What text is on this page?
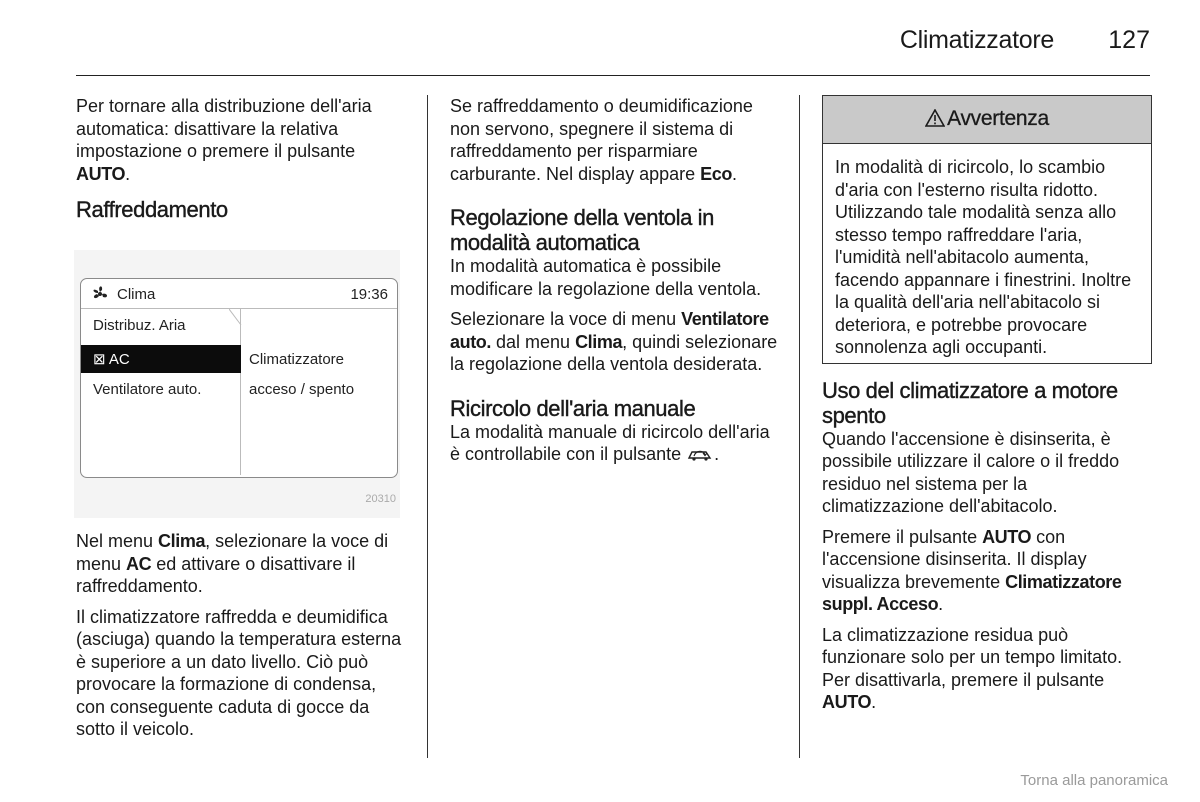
Climatizzatore 127

Per tornare alla distribuzione dell'aria automatica: disattivare la relativa impostazione o premere il pulsante AUTO.

Raffreddamento
Clima	19:36
Distribuz. Aria
⊠ AC
Ventilatore auto.
Climatizzatore
acceso / spento
20310

Nel menu Clima, selezionare la voce di menu AC ed attivare o disattivare il raffreddamento.

Il climatizzatore raffredda e deumidifica (asciuga) quando la temperatura esterna è superiore a un dato livello. Ciò può provocare la formazione di condensa, con conseguente caduta di gocce da sotto il veicolo.

Se raffreddamento o deumidificazione non servono, spegnere il sistema di raffreddamento per risparmiare carburante. Nel display appare Eco.

Regolazione della ventola in modalità automatica

In modalità automatica è possibile modificare la regolazione della ventola.

Selezionare la voce di menu Ventilatore auto. dal menu Clima, quindi selezionare la regolazione della ventola desiderata.

Ricircolo dell'aria manuale

La modalità manuale di ricircolo dell'aria è controllabile con il pulsante .

Avvertenza
In modalità di ricircolo, lo scambio d'aria con l'esterno risulta ridotto. Utilizzando tale modalità senza allo stesso tempo raffreddare l'aria, l'umidità nell'abitacolo aumenta, facendo appannare i finestrini. Inoltre la qualità dell'aria nell'abitacolo si deteriora, e potrebbe provocare sonnolenza agli occupanti.
Uso del climatizzatore a motore spento

Quando l'accensione è disinserita, è possibile utilizzare il calore o il freddo residuo nel sistema per la climatizzazione dell'abitacolo.

Premere il pulsante AUTO con l'accensione disinserita. Il display visualizza brevemente Climatizzatore suppl. Acceso.

La climatizzazione residua può funzionare solo per un tempo limitato. Per disattivarla, premere il pulsante AUTO.

Torna alla panoramica
